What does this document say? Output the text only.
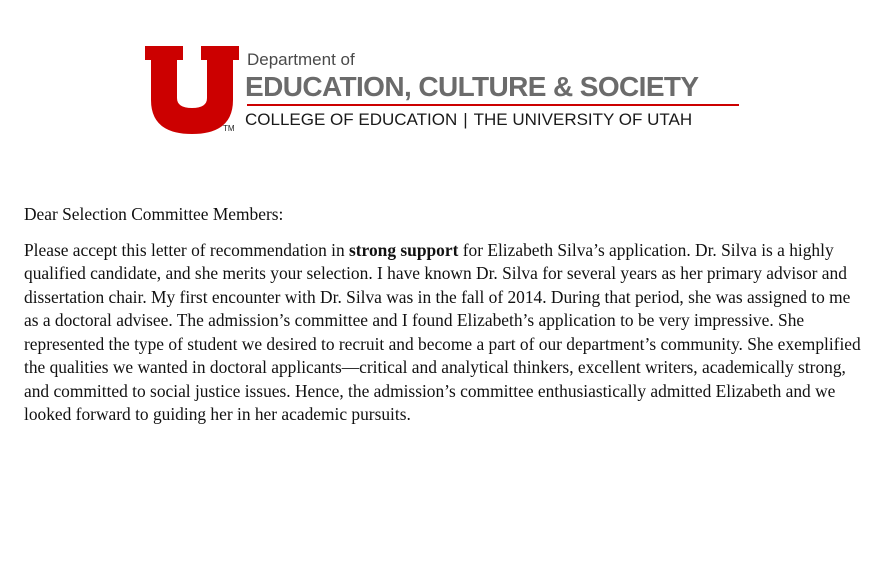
TM
Department of
EDUCATION, CULTURE & SOCIETY
COLLEGE OF EDUCATION | THE UNIVERSITY OF UTAH

Dear Selection Committee Members:

Please accept this letter of recommendation in strong support for Elizabeth Silva’s application. Dr. Silva is a highly qualified candidate, and she merits your selection. I have known Dr. Silva for several years as her primary advisor and dissertation chair. My first encounter with Dr. Silva was in the fall of 2014. During that period, she was assigned to me as a doctoral advisee. The admission’s committee and I found Elizabeth’s application to be very impressive. She represented the type of student we desired to recruit and become a part of our department’s community. She exemplified the qualities we wanted in doctoral applicants—critical and analytical thinkers, excellent writers, academically strong, and committed to social justice issues. Hence, the admission’s committee enthusiastically admitted Elizabeth and we looked forward to guiding her in her academic pursuits.
